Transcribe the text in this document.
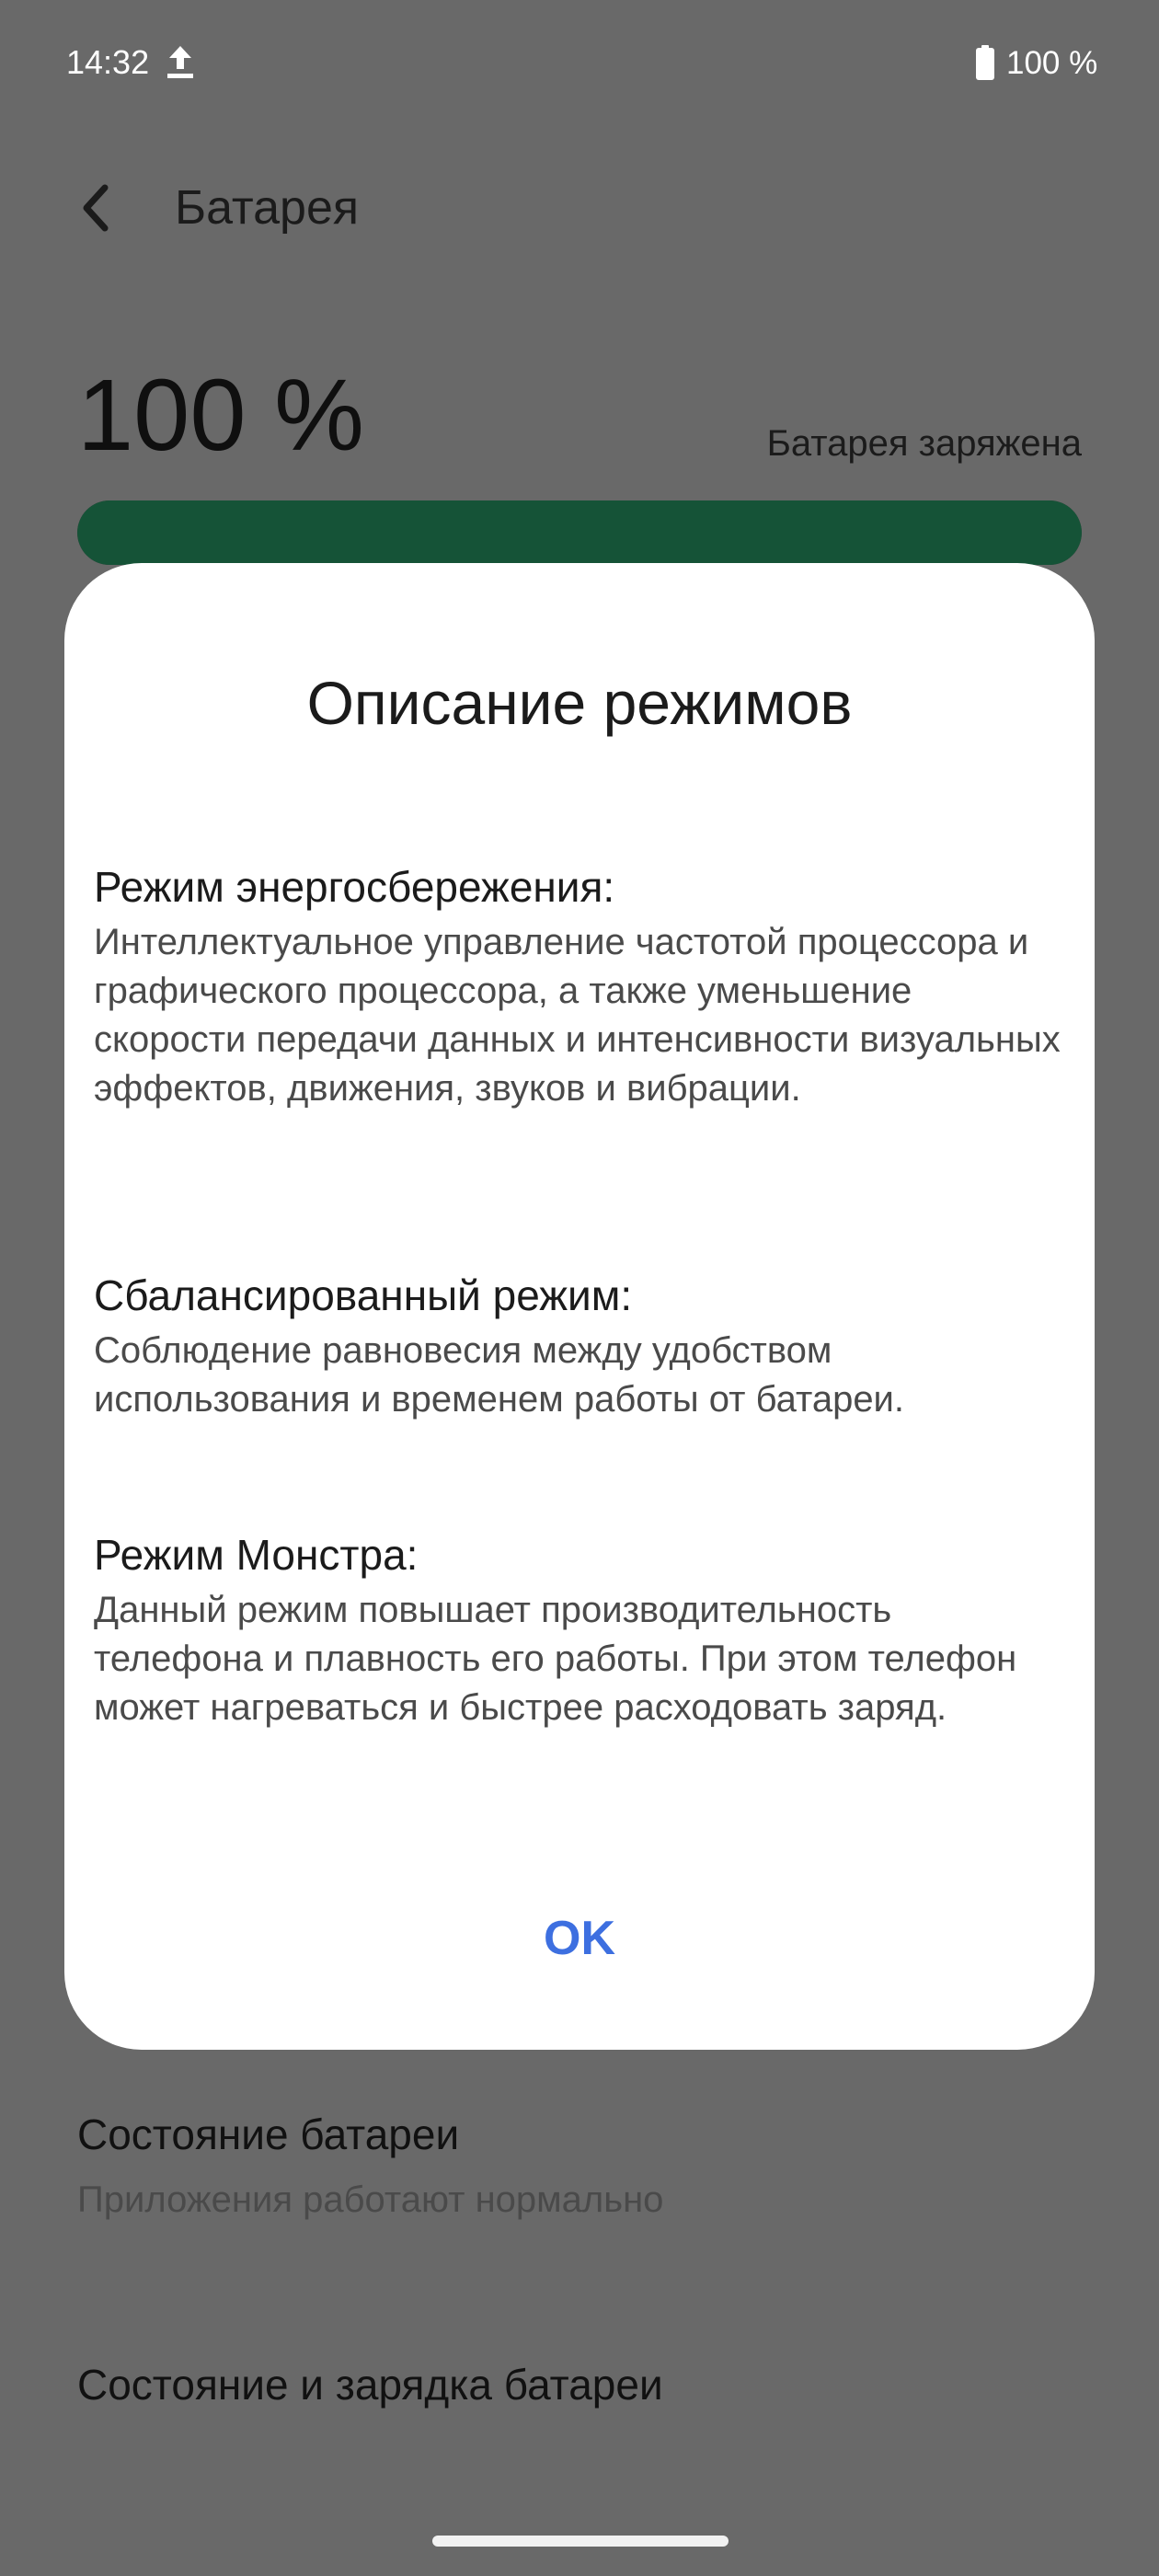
14:32	100 %
Батарея
100 %	Батарея заряжена
Состояние батареи
Приложения работают нормально
Состояние и зарядка батареи
Описание режимов
Режим энергосбережения:
Интеллектуальное управление частотой процессора и графического процессора, а также уменьшение скорости передачи данных и интенсивности визуальных эффектов, движения, звуков и вибрации.
Сбалансированный режим:
Соблюдение равновесия между удобством использования и временем работы от батареи.
Режим Монстра:
Данный режим повышает производительность телефона и плавность его работы. При этом телефон может нагреваться и быстрее расходовать заряд.
OK
